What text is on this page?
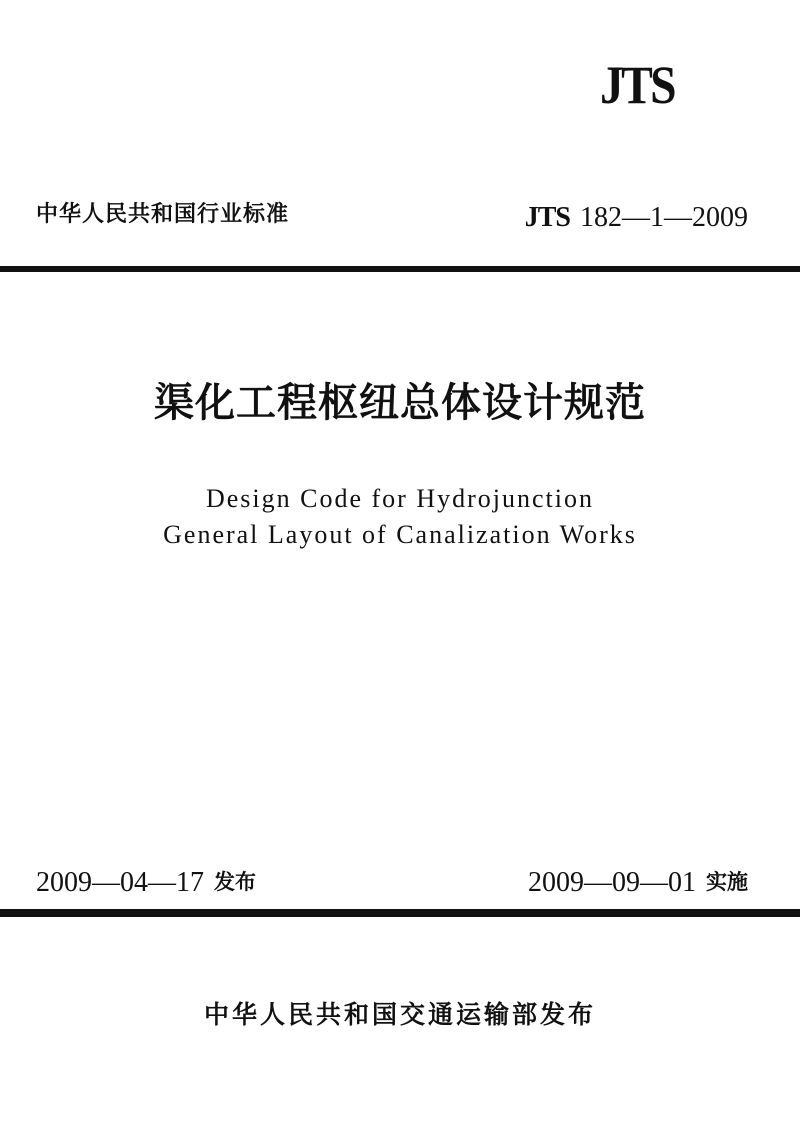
JTS
中华人民共和国行业标准	JTS 182—1—2009
渠化工程枢纽总体设计规范
Design Code for Hydrojunction
General Layout of Canalization Works
2009—04—17 发布	2009—09—01 实施
中华人民共和国交通运输部发布
